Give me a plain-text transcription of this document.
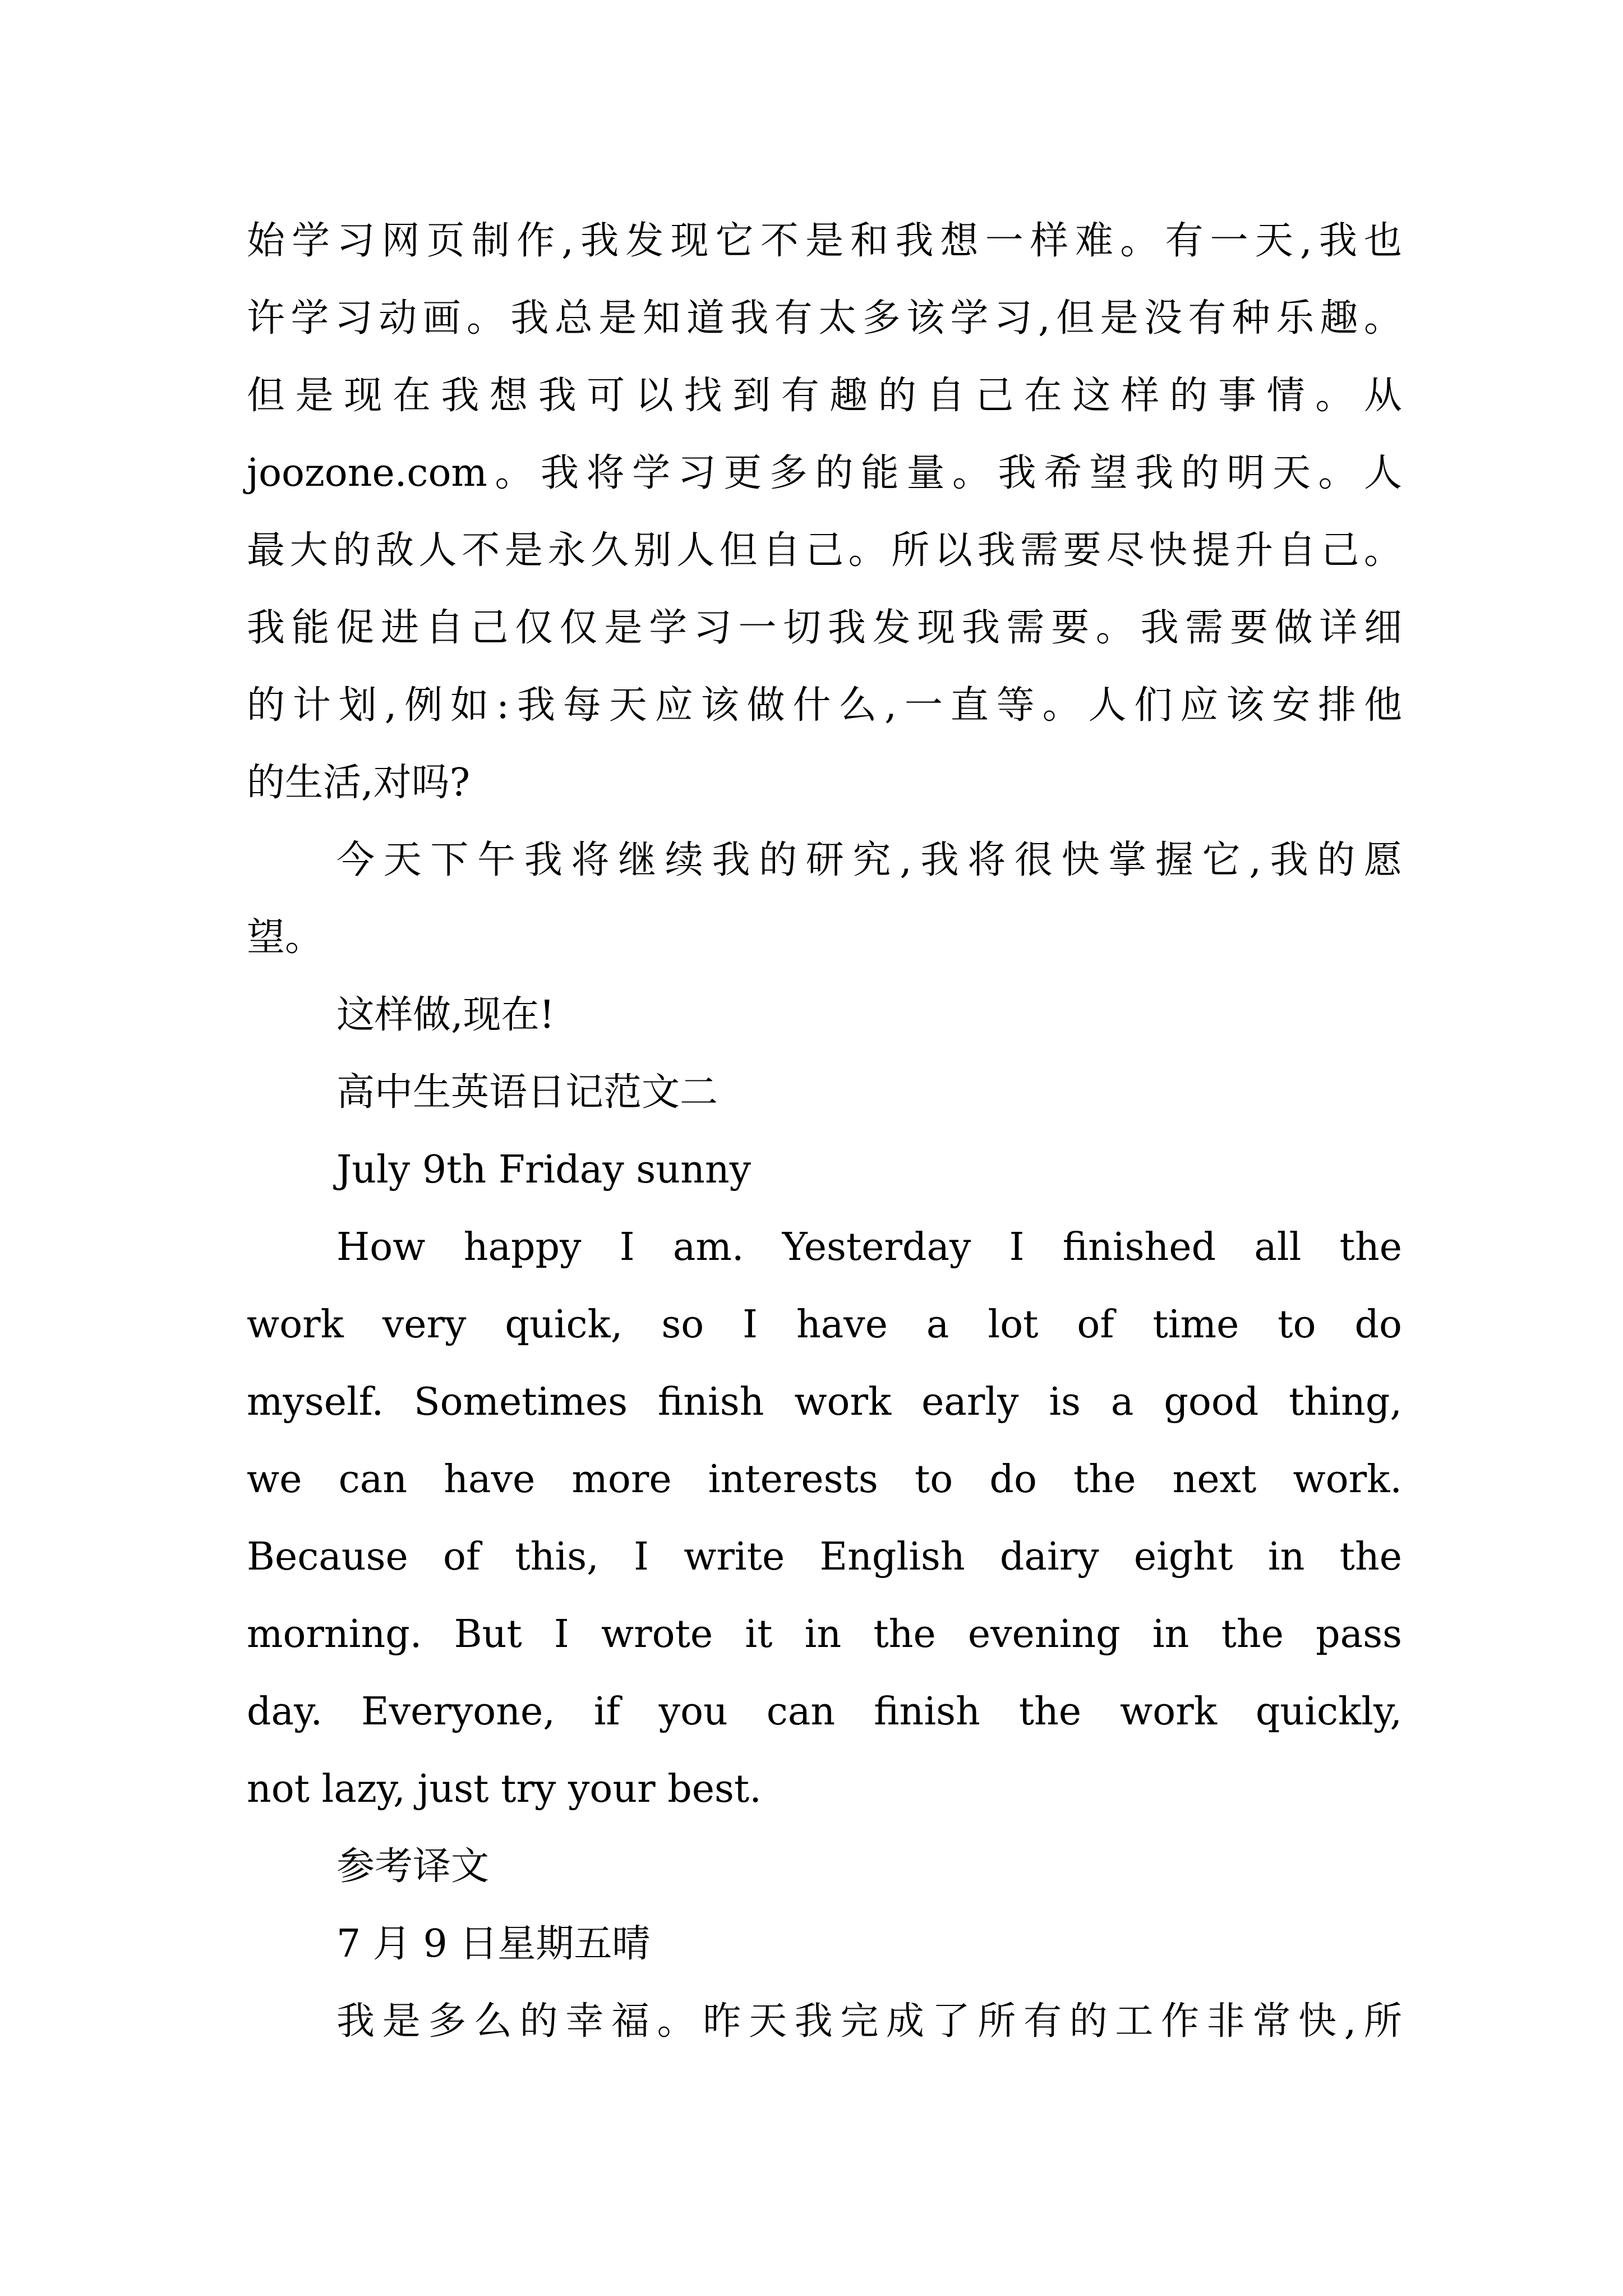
始学习网页制作,我发现它不是和我想一样难。有一天,我也
许学习动画。我总是知道我有太多该学习,但是没有种乐趣。
但是现在我想我可以找到有趣的自己在这样的事情。从
joozone.com。我将学习更多的能量。我希望我的明天。人
最大的敌人不是永久别人但自己。所以我需要尽快提升自己。
我能促进自己仅仅是学习一切我发现我需要。我需要做详细
的计划,例如:我每天应该做什么,一直等。人们应该安排他
的生活,对吗?
今天下午我将继续我的研究,我将很快掌握它,我的愿
望。
这样做,现在!
高中生英语日记范文二
July 9th Friday sunny
How happy I am. Yesterday I finished all the
work very quick, so I have a lot of time to do
myself. Sometimes finish work early is a good thing,
we can have more interests to do the next work.
Because of this, I write English dairy eight in the
morning. But I wrote it in the evening in the pass
day. Everyone, if you can finish the work quickly,
not lazy, just try your best.
参考译文
7 月 9 日星期五晴
我是多么的幸福。昨天我完成了所有的工作非常快,所
